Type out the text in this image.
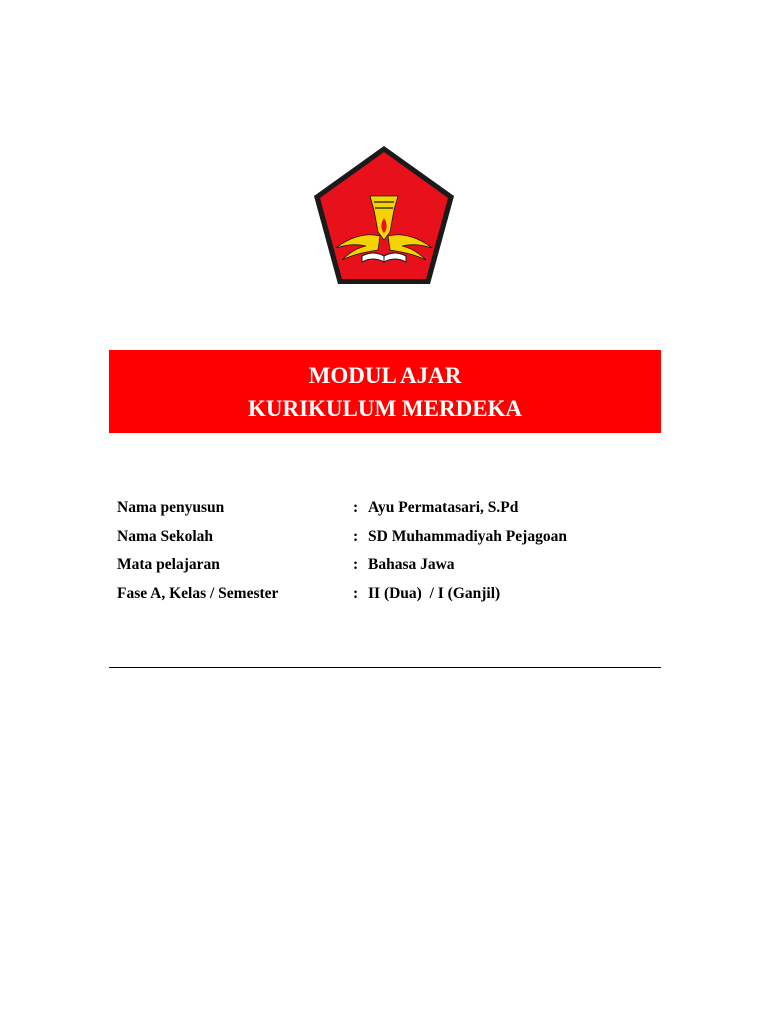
TUT WURI HANDAYANI
MODUL AJAR
KURIKULUM MERDEKA
Nama penyusun	: Ayu Permatasari, S.Pd
Nama Sekolah	: SD Muhammadiyah Pejagoan
Mata pelajaran	: Bahasa Jawa
Fase A, Kelas / Semester	: II (Dua)  / I (Ganjil)
